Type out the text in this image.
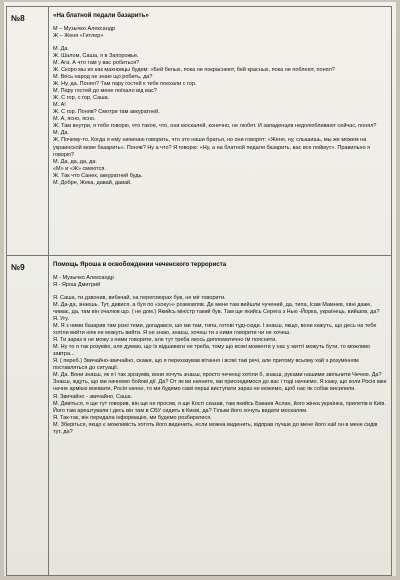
№8	«На блатной педали базарить»
М – Музычко Александр
Ж – Женя «Гитлер»
М. Да.
Ж. Шалом, Саша, я в Запорожье.
М. Ага. А что там у вас робиться?
Ж. Скоро мы их как махновцы будем: «Бей белых, пока не покраснеют, бей красных, пока не поблеют, понял?
М. Весь народ не знаю що робить, да?
Ж. Ну, да. Понял? Там пару гостей к тебе поехали с гор.
М. Пару гостей до мене поїхало від вас?
Ж. С гор, с гор, Саша.
М. А!
Ж. С гор. Поняв? Смотри там аккуратней.
М. А, ясно, ясно.
Ж. Там внутри, я тебе говорю, что такое, что, они москалей, конечно, не любят. И западенцев недолюбливают сейчас, понял?
М. Да.
Ж. Почему-то. Когда я ему начинаю говорить, что это наши братья, но они говорят: «Женя, ну, слышишь, мы же можем на украинской мове базарить». Поняв? Ну а что? Я говорю: «Ну, а на блатной педали базарить, вас все поймут». Правильно я говорю?
М. Да, да, да, да.
«М» и «Ж» смеются.
Ж. Так что Санек, аккуратней будь.
М. Добре, Жека, давай, давай.
№9	Помощь Яроша в освобождении чеченского террориста
М - Музычко Александр
Я - Ярош Дмитрий
Я. Саша, ти дзвонив, вибачай, на переговорах був, не міг говорити.
М. Да-да, знаешь. Тут, дивися, а буя по «хоку»» розмовляв. Де мене там вийшли чучений, да, типа, Ісам Мамнев, хвні даже, чимає, да, там він очалюв що. ( не дом.) Якийсь міністр такий був. Там ще якийсь Серега з Нью -Йорка, українець, вийшов, да?
Я. Угу.
М. Я з ними базарив там різні теми, догадався, шо ми там, типа, готові туді-сюди. І знаєш, якщо, вони кажуть, що десь на тебе хотіли вийти ніяк не можуть вийти. Я не знаю, знаєш, хочеш ти з ними говорити чи не хочеш.
Я. Ти зараз я не можу з ними говорити, але тут треба якось дипломатично їм пояснити.
М. Ну то я так розумію, але думаю, що їх відшивати не треба, тому що всякі моменти у нас у житті можуть бути, то можливо завтра...
Я. ( переб.) Звичайно-звичайно, скажи, що я перехазував вітання і всякі такі речі, але притому всьому хай з розумінням поставляться до ситуації.
М. Да. Вони знаєш, як я і так зрозумів, вони хочуть знаєш, просто чеченці хотіли б, знаєш, руками нашими звільнити Чечню. Да? Знаєш, ждуть, що ми начнемо бойові дії. Да? От як ви начнете, ми присоедимося до вас і тоді начнемо. Я кажу, що коли Росія вже начне армією воювати, Росія начне, то ми будемо самі перші виступати зараз не можемо, щоб нас як собак висилили.
Я. Звичайно - звичайно, Саша.
М. Дивіться, я ще тут говорив, він ще не просив, я ще Кості сказав, там якийсь Бакаев Аслан, його жінка українка, прилетів в Київ. Його там арештували і десь він там в СБУ сидить в Києві, да? Тільки його хочуть видати москалям.
Я. Так-так, він передала інформацію, ми будемо розбиратися.
М. Зберіться, якщо є можливість хотять його виденить, если можна виденить, відправ лучше до мене його хай он в мене сидів тут, да?
